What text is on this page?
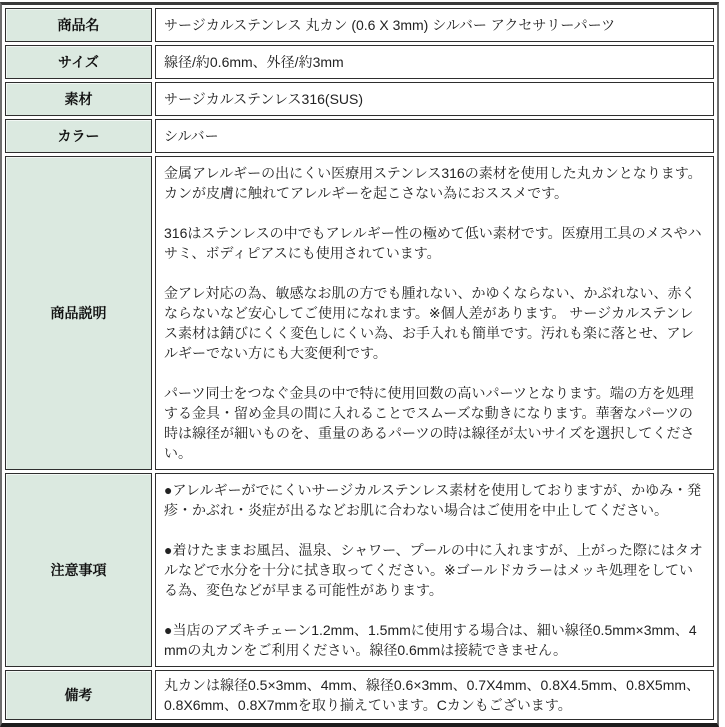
商品名	サージカルステンレス 丸カン (0.6 X 3mm) シルバー アクセサリーパーツ

サイズ	線径/約0.6mm、外径/約3mm

素材	サージカルステンレス316(SUS)

カラー	シルバー

商品説明	金属アレルギーの出にくい医療用ステンレス316の素材を使用した丸カンとなります。カンが皮膚に触れてアレルギーを起こさない為におススメです。

316はステンレスの中でもアレルギー性の極めて低い素材です。医療用工具のメスやハサミ、ボディピアスにも使用されています。

金アレ対応の為、敏感なお肌の方でも腫れない、かゆくならない、かぶれない、赤くならないなど安心してご使用になれます。※個人差があります。 サージカルステンレス素材は錆びにくく変色しにくい為、お手入れも簡単です。汚れも楽に落とせ、アレルギーでない方にも大変便利です。

パーツ同士をつなぐ金具の中で特に使用回数の高いパーツとなります。端の方を処理する金具・留め金具の間に入れることでスムーズな動きになります。華奢なパーツの時は線径が細いものを、重量のあるパーツの時は線径が太いサイズを選択してください。

注意事項	●アレルギーがでにくいサージカルステンレス素材を使用しておりますが、かゆみ・発疹・かぶれ・炎症が出るなどお肌に合わない場合はご使用を中止してください。

●着けたままお風呂、温泉、シャワー、プールの中に入れますが、上がった際にはタオルなどで水分を十分に拭き取ってください。※ゴールドカラーはメッキ処理をしている為、変色などが早まる可能性があります。

●当店のアズキチェーン1.2mm、1.5mmに使用する場合は、細い線径0.5mm×3mm、4mmの丸カンをご利用ください。線径0.6mmは接続できません。

備考	丸カンは線径0.5×3mm、4mm、線径0.6×3mm、0.7X4mm、0.8X4.5mm、0.8X5mm、0.8X6mm、0.8X7mmを取り揃えています。Cカンもございます。
